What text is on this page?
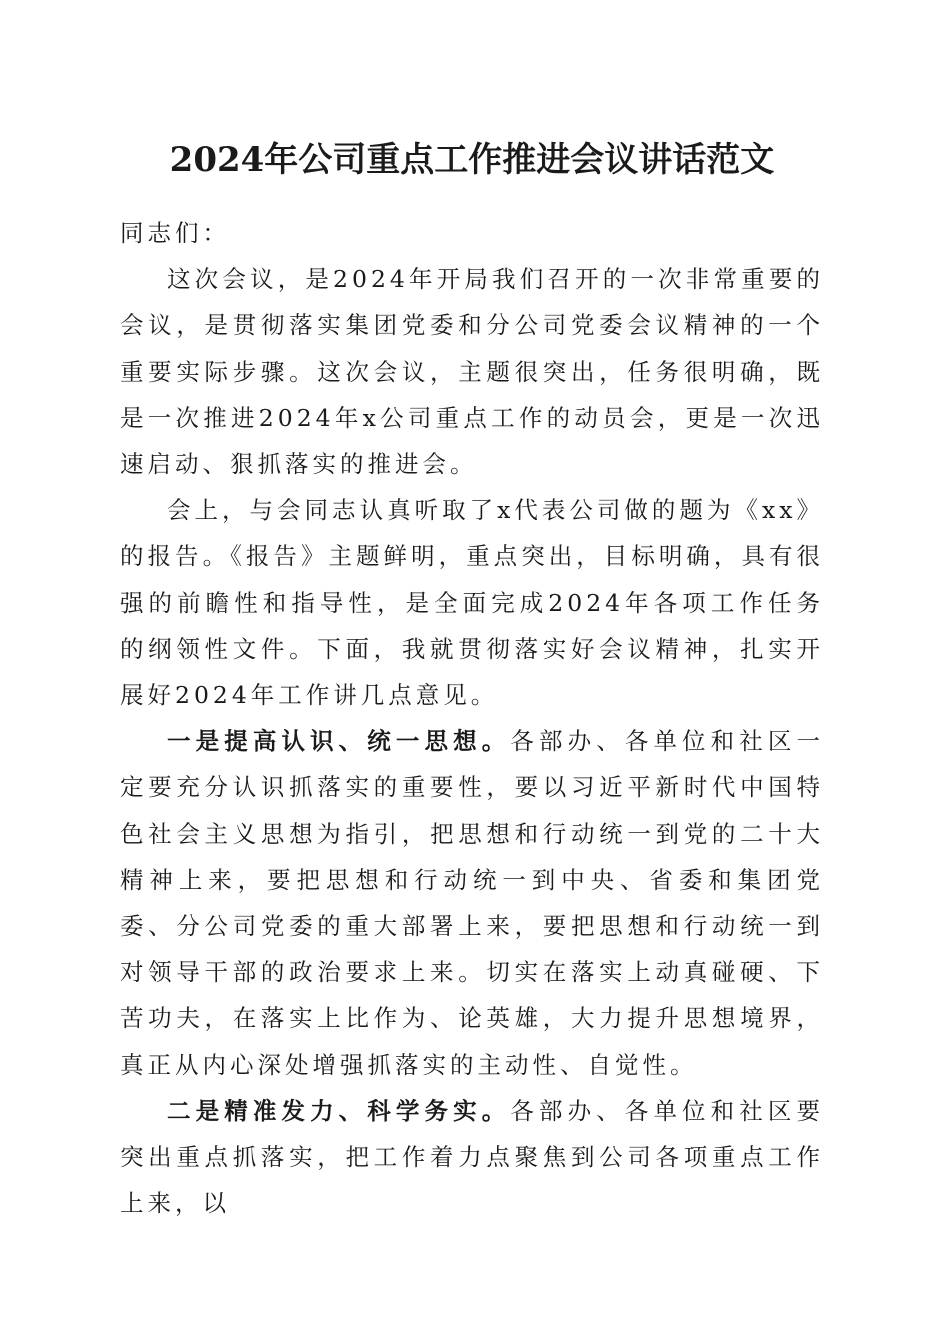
2024年公司重点工作推进会议讲话范文

同志们：

这次会议，是2024年开局我们召开的一次非常重要的会议，是贯彻落实集团党委和分公司党委会议精神的一个重要实际步骤。这次会议，主题很突出，任务很明确，既是一次推进2024年x公司重点工作的动员会，更是一次迅速启动、狠抓落实的推进会。

会上，与会同志认真听取了x代表公司做的题为《xx》的报告。《报告》主题鲜明，重点突出，目标明确，具有很强的前瞻性和指导性，是全面完成2024年各项工作任务的纲领性文件。下面，我就贯彻落实好会议精神，扎实开展好2024年工作讲几点意见。

一是提高认识、统一思想。各部办、各单位和社区一定要充分认识抓落实的重要性，要以习近平新时代中国特色社会主义思想为指引，把思想和行动统一到党的二十大精神上来，要把思想和行动统一到中央、省委和集团党委、分公司党委的重大部署上来，要把思想和行动统一到对领导干部的政治要求上来。切实在落实上动真碰硬、下苦功夫，在落实上比作为、论英雄，大力提升思想境界，真正从内心深处增强抓落实的主动性、自觉性。

二是精准发力、科学务实。各部办、各单位和社区要突出重点抓落实，把工作着力点聚焦到公司各项重点工作上来，以
